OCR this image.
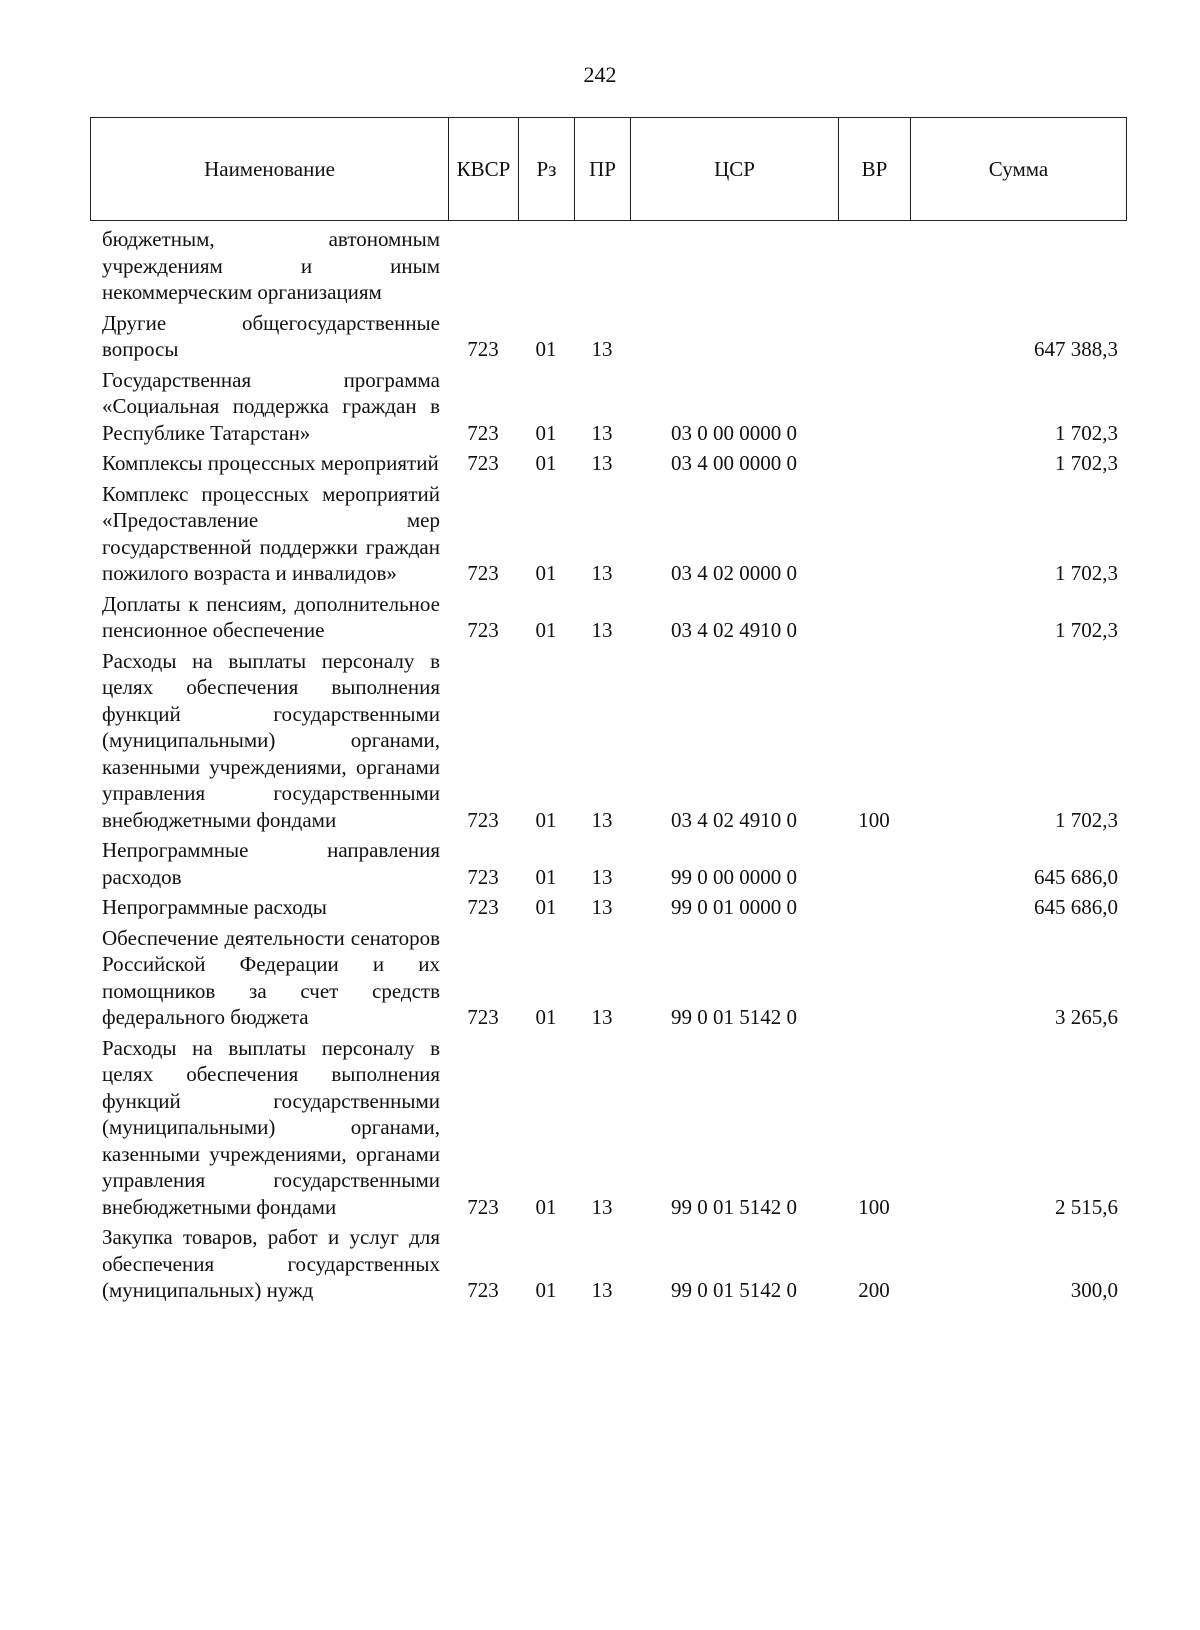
242
Наименование	КВСР	Рз	ПР	ЦСР	ВР	Сумма
бюджетным, автономным учреждениям и иным некоммерческим организациям						
Другие общегосударственные вопросы	723	01	13			647 388,3
Государственная программа «Социальная поддержка граждан в Республике Татарстан»	723	01	13	03 0 00 0000 0		1 702,3
Комплексы процессных мероприятий	723	01	13	03 4 00 0000 0		1 702,3
Комплекс процессных мероприятий «Предоставление мер государственной поддержки граждан пожилого возраста и инвалидов»	723	01	13	03 4 02 0000 0		1 702,3
Доплаты к пенсиям, дополнительное пенсионное обеспечение	723	01	13	03 4 02 4910 0		1 702,3
Расходы на выплаты персоналу в целях обеспечения выполнения функций государственными (муниципальными) органами, казенными учреждениями, органами управления государственными внебюджетными фондами	723	01	13	03 4 02 4910 0	100	1 702,3
Непрограммные направления расходов	723	01	13	99 0 00 0000 0		645 686,0
Непрограммные расходы	723	01	13	99 0 01 0000 0		645 686,0
Обеспечение деятельности сенаторов Российской Федерации и их помощников за счет средств федерального бюджета	723	01	13	99 0 01 5142 0		3 265,6
Расходы на выплаты персоналу в целях обеспечения выполнения функций государственными (муниципальными) органами, казенными учреждениями, органами управления государственными внебюджетными фондами	723	01	13	99 0 01 5142 0	100	2 515,6
Закупка товаров, работ и услуг для обеспечения государственных (муниципальных) нужд	723	01	13	99 0 01 5142 0	200	300,0
